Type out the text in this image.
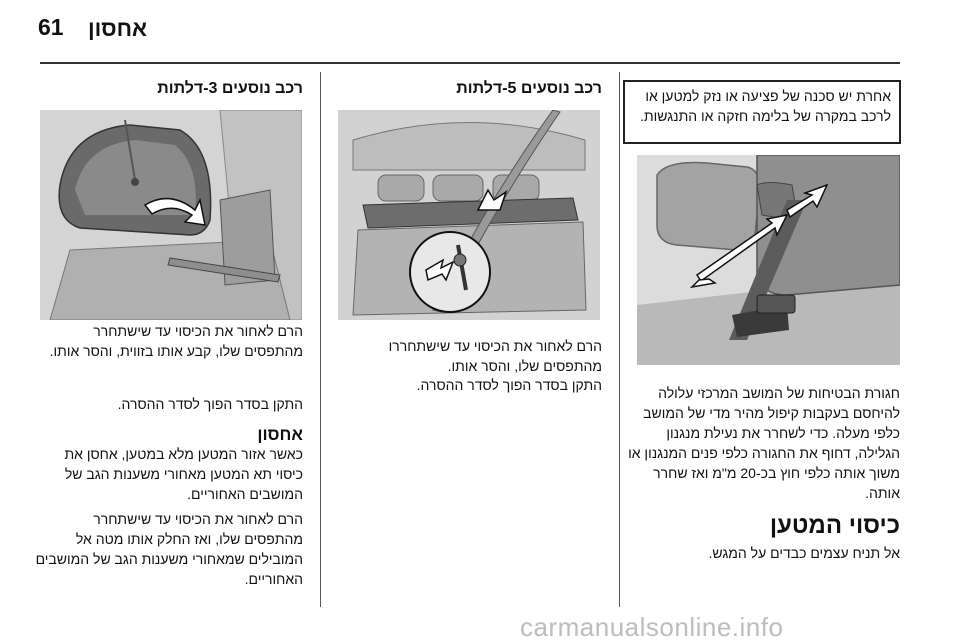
61 אחסון
אחרת יש סכנה של פציעה או נזק למטען או לרכב במקרה של בלימה חזקה או התנגשות.
חגורת הבטיחות של המושב המרכזי עלולה להיחסם בעקבות קיפול מהיר מדי של המושב כלפי מעלה. כדי לשחרר את נעילת מנגנון הגלילה, דחוף את החגורה כלפי פנים המנגנון או משוך אותה כלפי חוץ בכ-20 מ"מ ואז שחרר אותה.
כיסוי המטען
אל תניח עצמים כבדים על המגש.
רכב נוסעים 5-דלתות
הרם לאחור את הכיסוי עד שישתחררו מהתפסים שלו, והסר אותו.
התקן בסדר הפוך לסדר ההסרה.
רכב נוסעים 3-דלתות
הרם לאחור את הכיסוי עד שישתחרר מהתפסים שלו, קבע אותו בזווית, והסר אותו.
התקן בסדר הפוך לסדר ההסרה.
אחסון
כאשר אזור המטען מלא במטען, אחסן את כיסוי תא המטען מאחורי משענות הגב של המושבים האחוריים.
הרם לאחור את הכיסוי עד שישתחרר מהתפסים שלו, ואז החלק אותו מטה אל המובילים שמאחורי משענות הגב של המושבים האחוריים.
carmanualsonline.info
